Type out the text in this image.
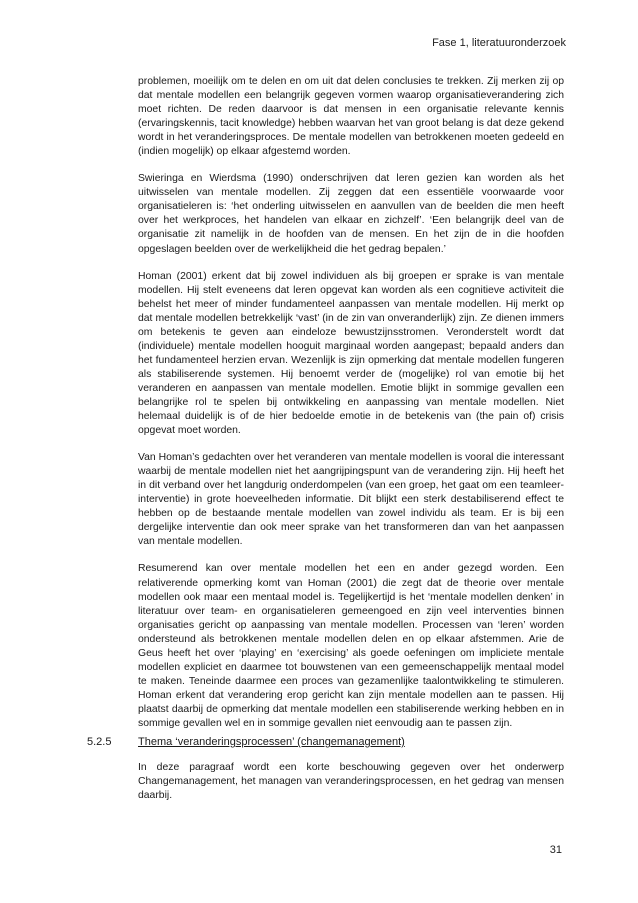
Fase 1, literatuuronderzoek

problemen, moeilijk om te delen en om uit dat delen conclusies te trekken. Zij merken zij op dat mentale modellen een belangrijk gegeven vormen waarop organisatieverandering zich moet richten. De reden daarvoor is dat mensen in een organisatie relevante kennis (ervaringskennis, tacit knowledge) hebben waarvan het van groot belang is dat deze gekend wordt in het veranderingsproces. De mentale modellen van betrokkenen moeten gedeeld en (indien mogelijk) op elkaar afgestemd worden.

Swieringa en Wierdsma (1990) onderschrijven dat leren gezien kan worden als het uitwisselen van mentale modellen. Zij zeggen dat een essentiële voorwaarde voor organisatieleren is: ‘het onderling uitwisselen en aanvullen van de beelden die men heeft over het werkproces, het handelen van elkaar en zichzelf’. ‘Een belangrijk deel van de organisatie zit namelijk in de hoofden van de mensen. En het zijn de in die hoofden opgeslagen beelden over de werkelijkheid die het gedrag bepalen.’

Homan (2001) erkent dat bij zowel individuen als bij groepen er sprake is van mentale modellen. Hij stelt eveneens dat leren opgevat kan worden als een cognitieve activiteit die behelst het meer of minder fundamenteel aanpassen van mentale modellen. Hij merkt op dat mentale modellen betrekkelijk ‘vast’ (in de zin van onveranderlijk) zijn. Ze dienen immers om betekenis te geven aan eindeloze bewustzijnsstromen. Veronderstelt wordt dat (individuele) mentale modellen hooguit marginaal worden aangepast; bepaald anders dan het fundamenteel herzien ervan. Wezenlijk is zijn opmerking dat mentale modellen fungeren als stabiliserende systemen. Hij benoemt verder de (mogelijke) rol van emotie bij het veranderen en aanpassen van mentale modellen. Emotie blijkt in sommige gevallen een belangrijke rol te spelen bij ontwikkeling en aanpassing van mentale modellen. Niet helemaal duidelijk is of de hier bedoelde emotie in de betekenis van (the pain of) crisis opgevat moet worden.

Van Homan’s gedachten over het veranderen van mentale modellen is vooral die interessant waarbij de mentale modellen niet het aangrijpingspunt van de verandering zijn. Hij heeft het in dit verband over het langdurig onderdompelen (van een groep, het gaat om een teamleer-interventie) in grote hoeveelheden informatie. Dit blijkt een sterk destabiliserend effect te hebben op de bestaande mentale modellen van zowel individu als team. Er is bij een dergelijke interventie dan ook meer sprake van het transformeren dan van het aanpassen van mentale modellen.

Resumerend kan over mentale modellen het een en ander gezegd worden. Een relativerende opmerking komt van Homan (2001) die zegt dat de theorie over mentale modellen ook maar een mentaal model is. Tegelijkertijd is het ‘mentale modellen denken’ in literatuur over team- en organisatieleren gemeengoed en zijn veel interventies binnen organisaties gericht op aanpassing van mentale modellen. Processen van ‘leren’ worden ondersteund als betrokkenen mentale modellen delen en op elkaar afstemmen. Arie de Geus heeft het over ‘playing’ en ‘exercising’ als goede oefeningen om impliciete mentale modellen expliciet en daarmee tot bouwstenen van een gemeenschappelijk mentaal model te maken. Teneinde daarmee een proces van gezamenlijke taalontwikkeling te stimuleren. Homan erkent dat verandering erop gericht kan zijn mentale modellen aan te passen. Hij plaatst daarbij de opmerking dat mentale modellen een stabiliserende werking hebben en in sommige gevallen wel en in sommige gevallen niet eenvoudig aan te passen zijn.

5.2.5 Thema ‘veranderingsprocessen’ (changemanagement)

In deze paragraaf wordt een korte beschouwing gegeven over het onderwerp Changemanagement, het managen van veranderingsprocessen, en het gedrag van mensen daarbij.

31
